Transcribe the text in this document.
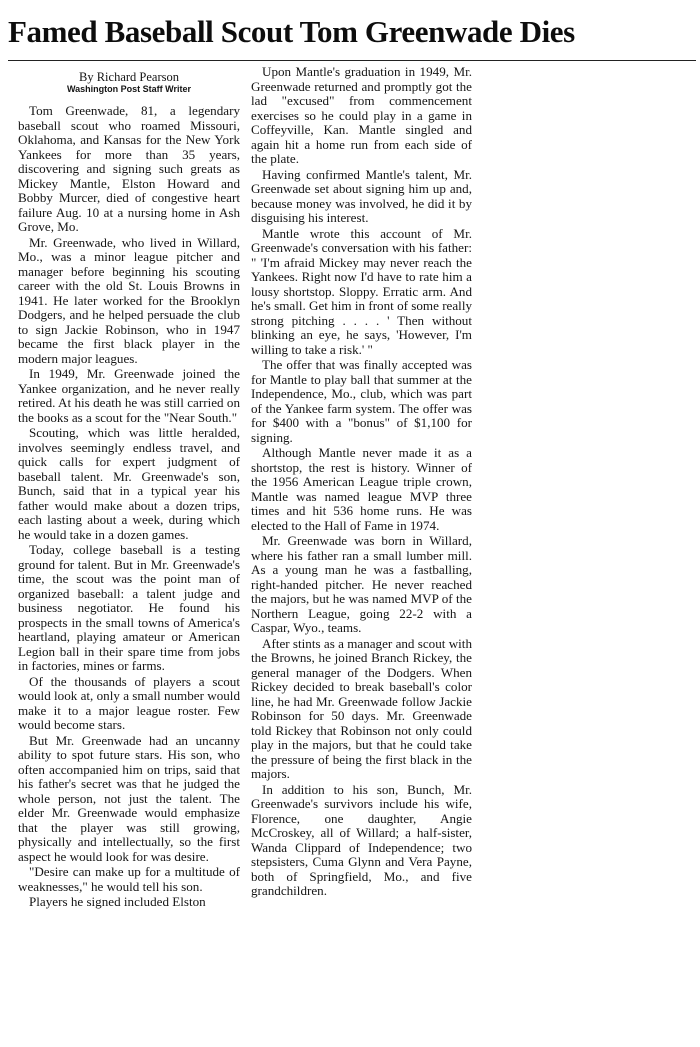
Famed Baseball Scout Tom Greenwade Dies
By Richard Pearson
Washington Post Staff Writer

Tom Greenwade, 81, a legendary baseball scout who roamed Missouri, Oklahoma, and Kansas for the New York Yankees for more than 35 years, discovering and signing such greats as Mickey Mantle, Elston Howard and Bobby Murcer, died of congestive heart failure Aug. 10 at a nursing home in Ash Grove, Mo.

Mr. Greenwade, who lived in Willard, Mo., was a minor league pitcher and manager before beginning his scouting career with the old St. Louis Browns in 1941. He later worked for the Brooklyn Dodgers, and he helped persuade the club to sign Jackie Robinson, who in 1947 became the first black player in the modern major leagues.

In 1949, Mr. Greenwade joined the Yankee organization, and he never really retired. At his death he was still carried on the books as a scout for the "Near South."

Scouting, which was little heralded, involves seemingly endless travel, and quick calls for expert judgment of baseball talent. Mr. Greenwade's son, Bunch, said that in a typical year his father would make about a dozen trips, each lasting about a week, during which he would take in a dozen games.

Today, college baseball is a testing ground for talent. But in Mr. Greenwade's time, the scout was the point man of organized baseball: a talent judge and business negotiator. He found his prospects in the small towns of America's heartland, playing amateur or American Legion ball in their spare time from jobs in factories, mines or farms.

Of the thousands of players a scout would look at, only a small number would make it to a major league roster. Few would become stars.

But Mr. Greenwade had an uncanny ability to spot future stars. His son, who often accompanied him on trips, said that his father's secret was that he judged the whole person, not just the talent. The elder Mr. Greenwade would emphasize that the player was still growing, physically and intellectually, so the first aspect he would look for was desire.

"Desire can make up for a multitude of weaknesses," he would tell his son.

Players he signed included Elston

Upon Mantle's graduation in 1949, Mr. Greenwade returned and promptly got the lad "excused" from commencement exercises so he could play in a game in Coffeyville, Kan. Mantle singled and again hit a home run from each side of the plate.

Having confirmed Mantle's talent, Mr. Greenwade set about signing him up and, because money was involved, he did it by disguising his interest.

Mantle wrote this account of Mr. Greenwade's conversation with his father: " 'I'm afraid Mickey may never reach the Yankees. Right now I'd have to rate him a lousy shortstop. Sloppy. Erratic arm. And he's small. Get him in front of some really strong pitching . . . . ' Then without blinking an eye, he says, 'However, I'm willing to take a risk.' "

The offer that was finally accepted was for Mantle to play ball that summer at the Independence, Mo., club, which was part of the Yankee farm system. The offer was for $400 with a "bonus" of $1,100 for signing.

Although Mantle never made it as a shortstop, the rest is history. Winner of the 1956 American League triple crown, Mantle was named league MVP three times and hit 536 home runs. He was elected to the Hall of Fame in 1974.

Mr. Greenwade was born in Willard, where his father ran a small lumber mill. As a young man he was a fastballing, right-handed pitcher. He never reached the majors, but he was named MVP of the Northern League, going 22-2 with a Caspar, Wyo., teams.

After stints as a manager and scout with the Browns, he joined Branch Rickey, the general manager of the Dodgers. When Rickey decided to break baseball's color line, he had Mr. Greenwade follow Jackie Robinson for 50 days. Mr. Greenwade told Rickey that Robinson not only could play in the majors, but that he could take the pressure of being the first black in the majors.

In addition to his son, Bunch, Mr. Greenwade's survivors include his wife, Florence, one daughter, Angie McCroskey, all of Willard; a half-sister, Wanda Clippard of Independence; two stepsisters, Cuma Glynn and Vera Payne, both of Springfield, Mo., and five grandchildren.
